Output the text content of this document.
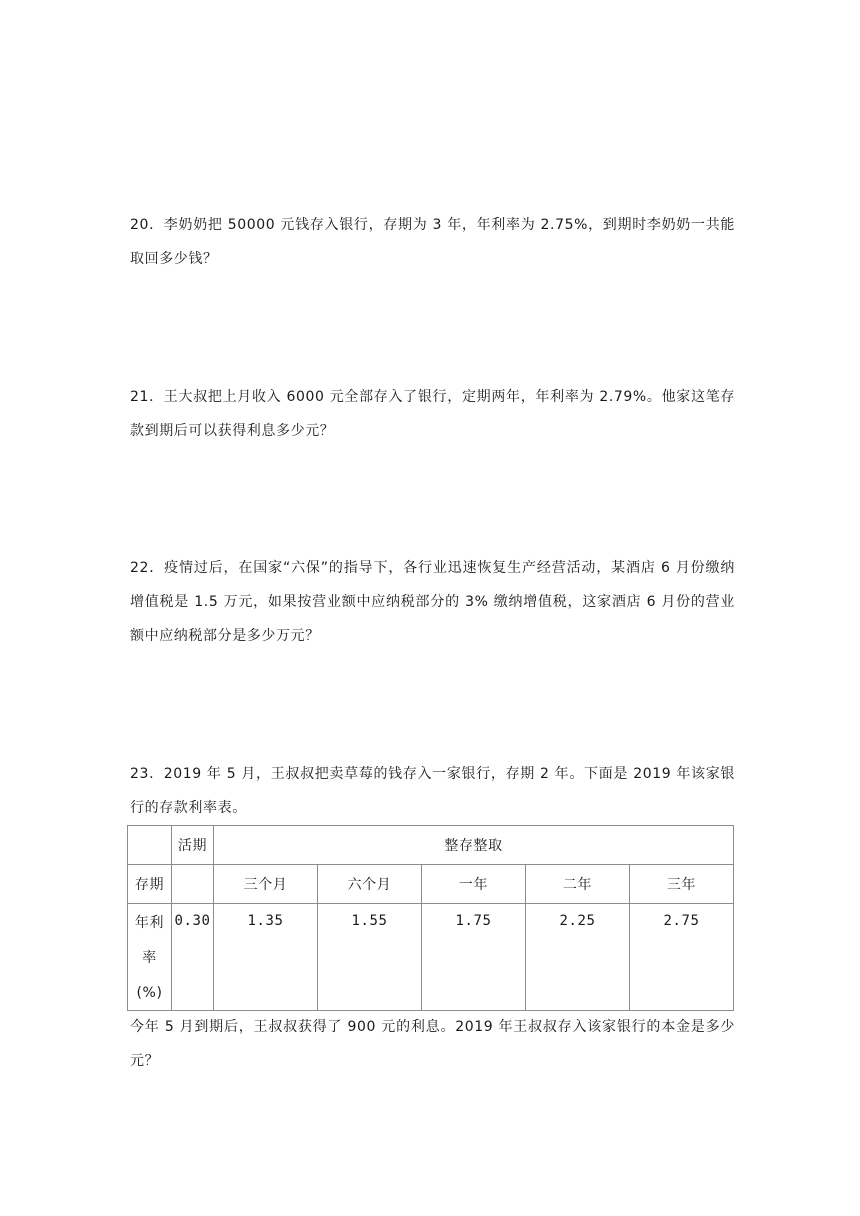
20．李奶奶把 50000 元钱存入银行，存期为 3 年，年利率为 2.75%，到期时李奶奶一共能取回多少钱？
21．王大叔把上月收入 6000 元全部存入了银行，定期两年，年利率为 2.79%。他家这笔存款到期后可以获得利息多少元？
22．疫情过后，在国家“六保”的指导下，各行业迅速恢复生产经营活动，某酒店 6 月份缴纳增值税是 1.5 万元，如果按营业额中应纳税部分的 3% 缴纳增值税，这家酒店 6 月份的营业额中应纳税部分是多少万元？
23．2019 年 5 月，王叔叔把卖草莓的钱存入一家银行，存期 2 年。下面是 2019 年该家银行的存款利率表。
	活期	整存整取				
存期		三个月	六个月	一年	二年	三年

年利
率
(%)	0.30	1.35	1.55	1.75	2.25	2.75
今年 5 月到期后，王叔叔获得了 900 元的利息。2019 年王叔叔存入该家银行的本金是多少元？
